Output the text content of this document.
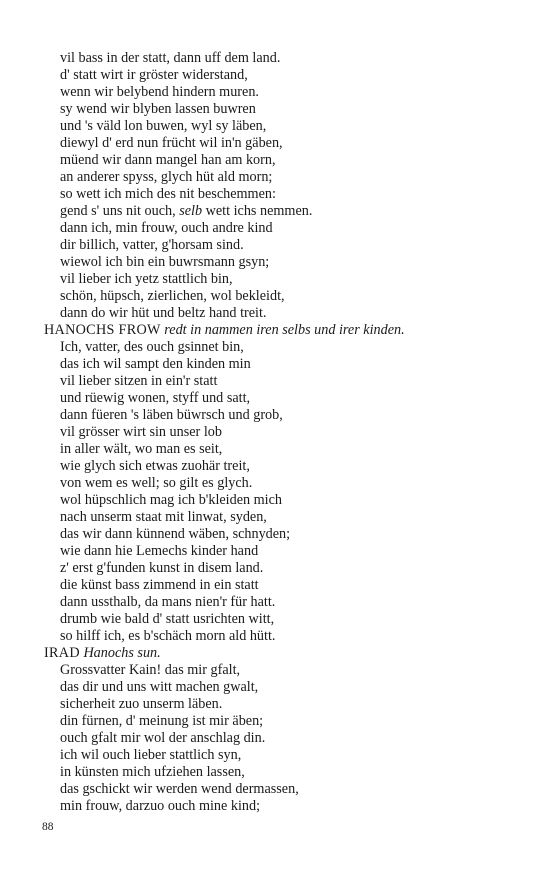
vil bass in der statt, dann uff dem land.
d' statt wirt ir gröster widerstand,
wenn wir belybend hindern muren.
sy wend wir blyben lassen buwren
und 's väld lon buwen, wyl sy läben,
diewyl d' erd nun frücht wil in'n gäben,
müend wir dann mangel han am korn,
an anderer spyss, glych hüt ald morn;
so wett ich mich des nit beschemmen:
gend s' uns nit ouch, selb wett ichs nemmen.
dann ich, min frouw, ouch andre kind
dir billich, vatter, g'horsam sind.
wiewol ich bin ein buwrsmann gsyn;
vil lieber ich yetz stattlich bin,
schön, hüpsch, zierlichen, wol bekleidt,
dann do wir hüt und beltz hand treit.
HANOCHS FROW redt in nammen iren selbs und irer kinden.
Ich, vatter, des ouch gsinnet bin,
das ich wil sampt den kinden min
vil lieber sitzen in ein'r statt
und rüewig wonen, styff und satt,
dann füeren 's läben büwrsch und grob,
vil grösser wirt sin unser lob
in aller wält, wo man es seit,
wie glych sich etwas zuohär treit,
von wem es well; so gilt es glych.
wol hüpschlich mag ich b'kleiden mich
nach unserm staat mit linwat, syden,
das wir dann künnend wäben, schnyden;
wie dann hie Lemechs kinder hand
z' erst g'funden kunst in disem land.
die künst bass zimmend in ein statt
dann ussthalb, da mans nien'r für hatt.
drumb wie bald d' statt usrichten witt,
so hilff ich, es b'schäch morn ald hütt.
IRAD Hanochs sun.
Grossvatter Kain! das mir gfalt,
das dir und uns witt machen gwalt,
sicherheit zuo unserm läben.
din fürnen, d' meinung ist mir äben;
ouch gfalt mir wol der anschlag din.
ich wil ouch lieber stattlich syn,
in künsten mich ufziehen lassen,
das gschickt wir werden wend dermassen,
min frouw, darzuo ouch mine kind;
88
